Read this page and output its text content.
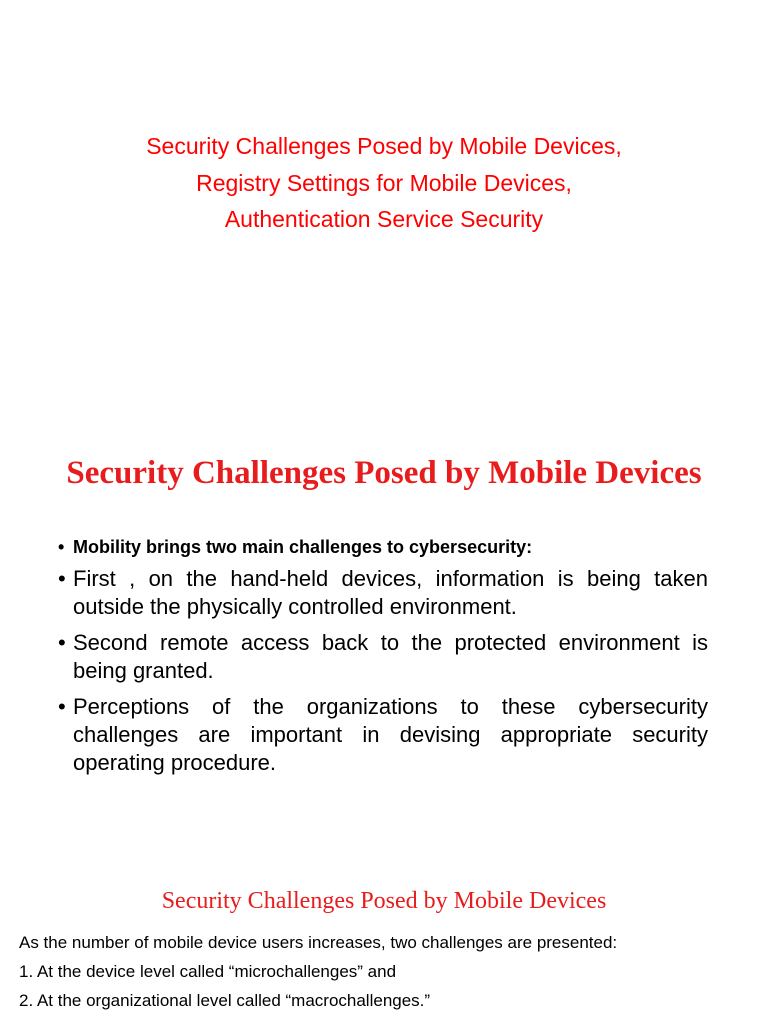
Security Challenges Posed by Mobile Devices,
Registry Settings for Mobile Devices,
Authentication Service Security
Security Challenges Posed by Mobile Devices
• Mobility brings two main challenges to cybersecurity:
• First , on the hand-held devices, information is being taken outside the physically controlled environment.
• Second remote access back to the protected environment is being granted.
• Perceptions of the organizations to these cybersecurity challenges are important in devising appropriate security operating procedure.
Security Challenges Posed by Mobile Devices
As the number of mobile device users increases, two challenges are presented:
1. At the device level called “microchallenges” and
2. At the organizational level called “macrochallenges.”
